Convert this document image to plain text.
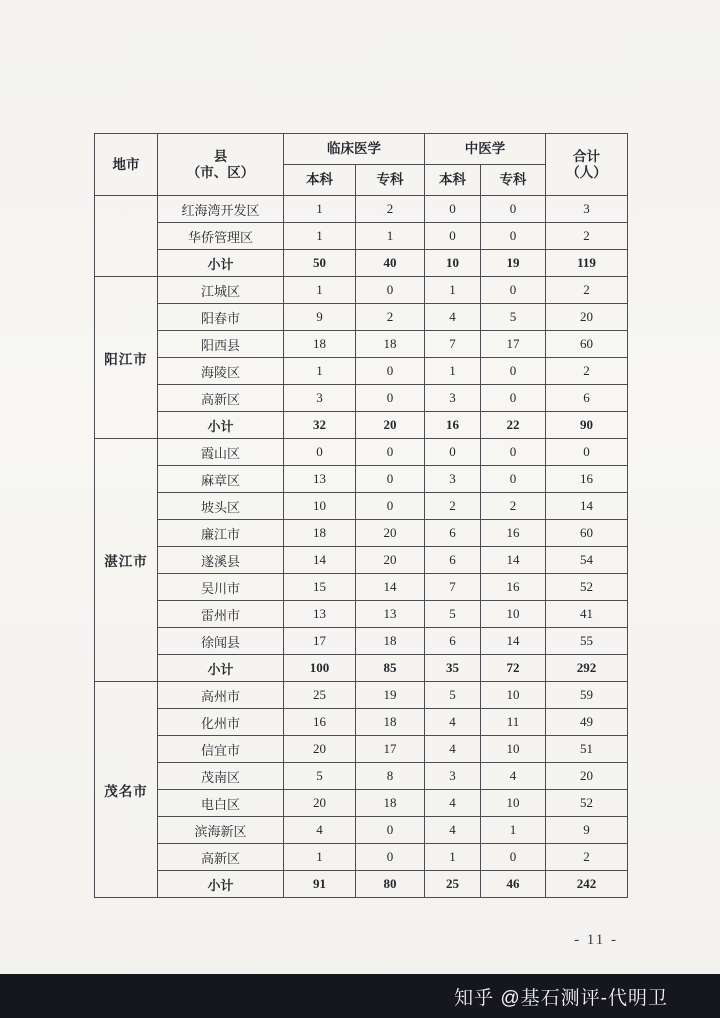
地市	县
（市、区）	临床医学		中医学		合计
（人）

		本科	专科	本科	专科	
	红海湾开发区	1	2	0	0	3
	华侨管理区	1	1	0	0	2
	小计	50	40	10	19	119
阳江市	江城区	1	0	1	0	2
	阳春市	9	2	4	5	20
	阳西县	18	18	7	17	60
	海陵区	1	0	1	0	2
	高新区	3	0	3	0	6
	小计	32	20	16	22	90
湛江市	霞山区	0	0	0	0	0
	麻章区	13	0	3	0	16
	坡头区	10	0	2	2	14
	廉江市	18	20	6	16	60
	遂溪县	14	20	6	14	54
	吴川市	15	14	7	16	52
	雷州市	13	13	5	10	41
	徐闻县	17	18	6	14	55
	小计	100	85	35	72	292
茂名市	高州市	25	19	5	10	59
	化州市	16	18	4	11	49
	信宜市	20	17	4	10	51
	茂南区	5	8	3	4	20
	电白区	20	18	4	10	52
	滨海新区	4	0	4	1	9
	高新区	1	0	1	0	2
	小计	91	80	25	46	242
- 11 -
知乎 @基石测评-代明卫
